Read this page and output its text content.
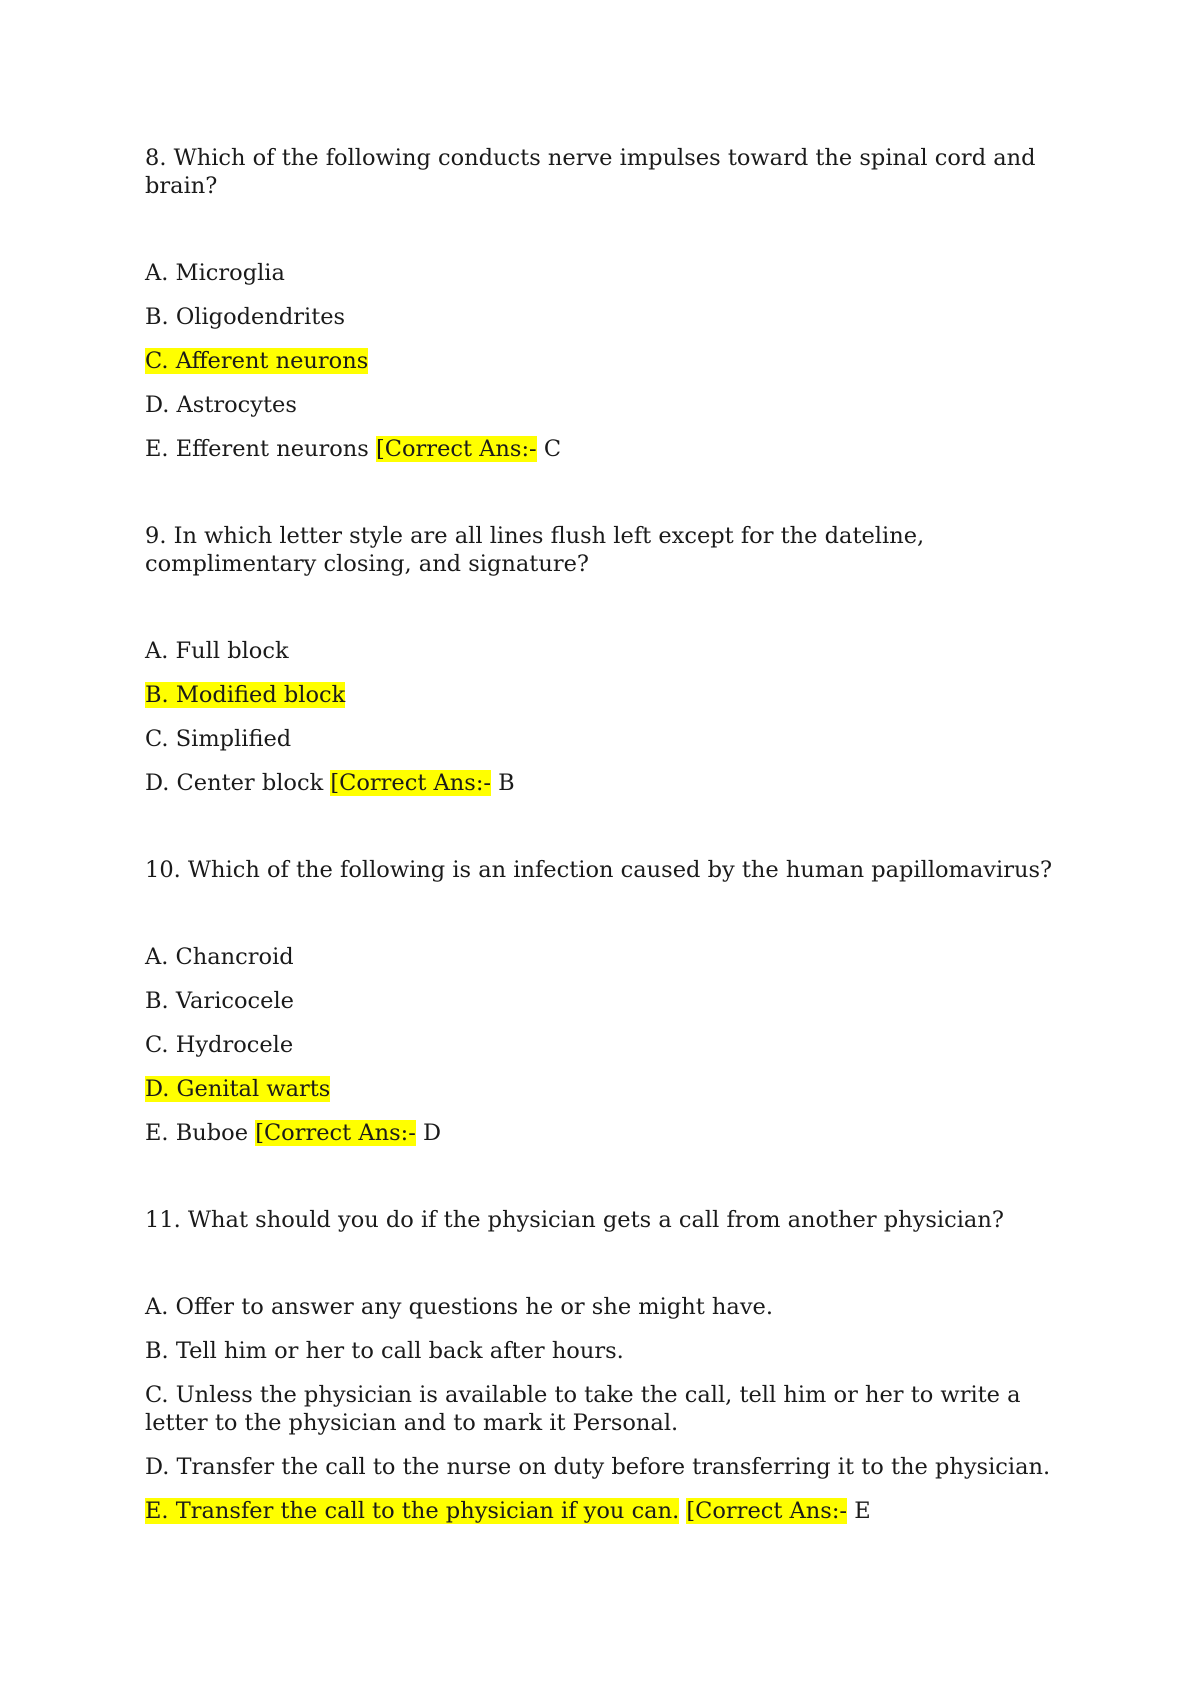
8. Which of the following conducts nerve impulses toward the spinal cord and brain?
A. Microglia
B. Oligodendrites
C. Afferent neurons
D. Astrocytes
E. Efferent neurons [Correct Ans:- C
9. In which letter style are all lines flush left except for the dateline, complimentary closing, and signature?
A. Full block
B. Modified block
C. Simplified
D. Center block [Correct Ans:- B
10. Which of the following is an infection caused by the human papillomavirus?
A. Chancroid
B. Varicocele
C. Hydrocele
D. Genital warts
E. Buboe [Correct Ans:- D
11. What should you do if the physician gets a call from another physician?
A. Offer to answer any questions he or she might have.
B. Tell him or her to call back after hours.
C. Unless the physician is available to take the call, tell him or her to write a letter to the physician and to mark it Personal.
D. Transfer the call to the nurse on duty before transferring it to the physician.
E. Transfer the call to the physician if you can. [Correct Ans:- E
